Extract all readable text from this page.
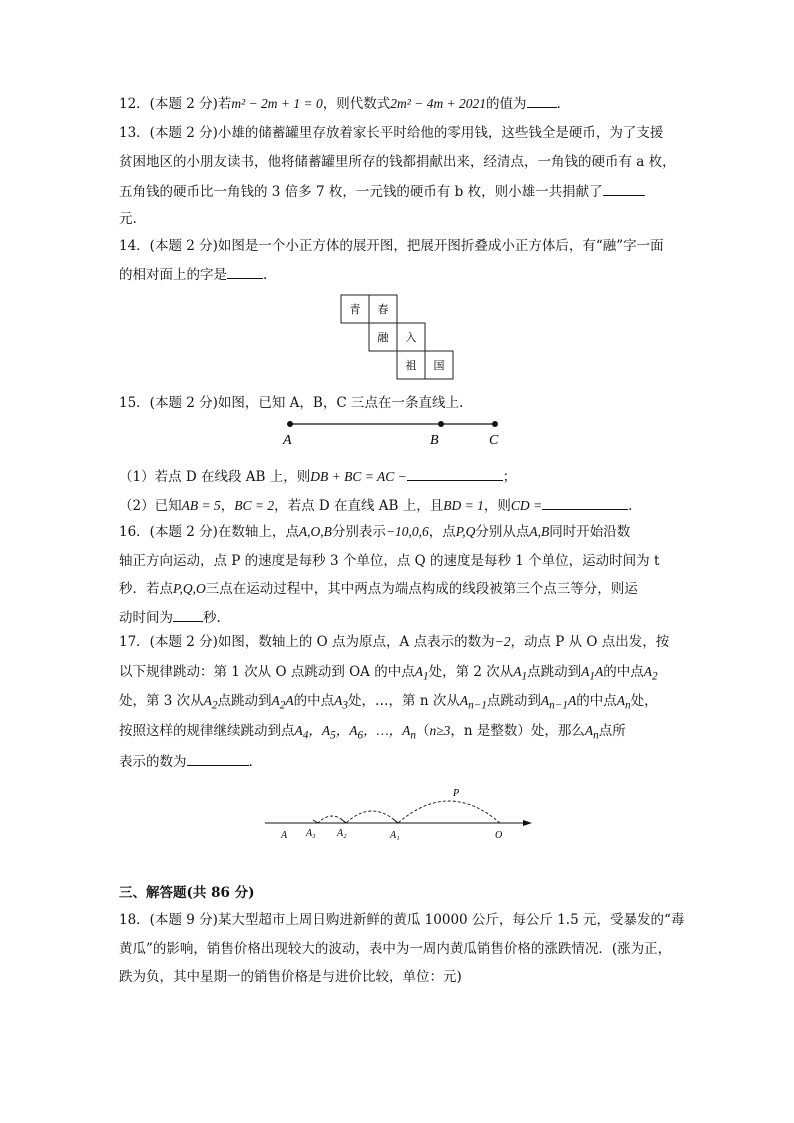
12．(本题 2 分)若m² − 2m + 1 = 0，则代数式2m² − 4m + 2021的值为 .
13．(本题 2 分)小雄的储蓄罐里存放着家长平时给他的零用钱，这些钱全是硬币，为了支援
贫困地区的小朋友读书，他将储蓄罐里所存的钱都捐献出来，经清点，一角钱的硬币有 a 枚，
五角钱的硬币比一角钱的 3 倍多 7 枚，一元钱的硬币有 b 枚，则小雄一共捐献了
元.
14．(本题 2 分)如图是一个小正方体的展开图，把展开图折叠成小正方体后，有“融”字一面
的相对面上的字是	.
青 春
融 入
祖 国
15．(本题 2 分)如图，已知 A，B，C 三点在一条直线上.
A	B	C
（1）若点 D 在线段 AB 上，则DB + BC = AC −	；
（2）已知AB = 5，BC = 2，若点 D 在直线 AB 上，且BD = 1，则CD =	.
16．(本题 2 分)在数轴上，点A,O,B分别表示−10,0,6，点P,Q分别从点A,B同时开始沿数
轴正方向运动，点 P 的速度是每秒 3 个单位，点 Q 的速度是每秒 1 个单位，运动时间为 t
秒．若点P,Q,O三点在运动过程中，其中两点为端点构成的线段被第三个点三等分，则运
动时间为 秒.
17．(本题 2 分)如图，数轴上的 O 点为原点，A 点表示的数为−2，动点 P 从 O 点出发，按
以下规律跳动：第 1 次从 O 点跳动到 OA 的中点$A_1$处，第 2 次从$A_1$点跳动到$A_1A$的中点$A_2$
处，第 3 次从$A_2$点跳动到$A_2A$的中点$A_3$处，…，第 n 次从$A_{n-1}$点跳动到$A_{n-1}A$的中点$A_n$处，
按照这样的规律继续跳动到点$A_4$，$A_5$，$A_6$，…，$A_n(n\ge 3$，n 是整数）处，那么$A_n$点所
表示的数为	.
A A₃ A₂	A₁	O
P
三、解答题(共 86 分)
18．(本题 9 分)某大型超市上周日购进新鲜的黄瓜 10000 公斤，每公斤 1.5 元，受暴发的“毒
黄瓜”的影响，销售价格出现较大的波动，表中为一周内黄瓜销售价格的涨跌情况．(涨为正，
跌为负，其中星期一的销售价格是与进价比较，单位：元)
